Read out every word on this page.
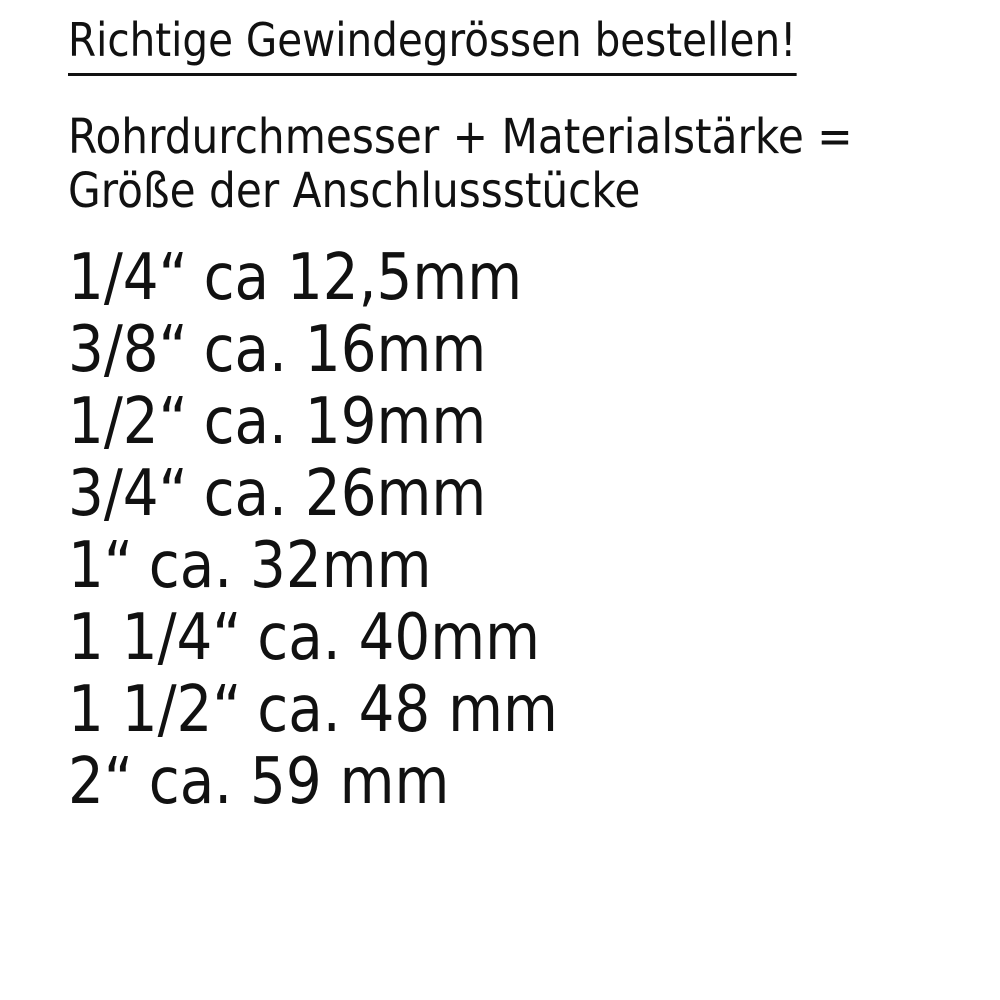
Richtige Gewindegrössen bestellen!
Rohrdurchmesser + Materialstärke =
Größe der Anschlussstücke
1/4“ ca 12,5mm
3/8“ ca. 16mm
1/2“ ca. 19mm
3/4“ ca. 26mm
1“ ca. 32mm
1 1/4“ ca. 40mm
1 1/2“ ca. 48 mm
2“ ca. 59 mm
